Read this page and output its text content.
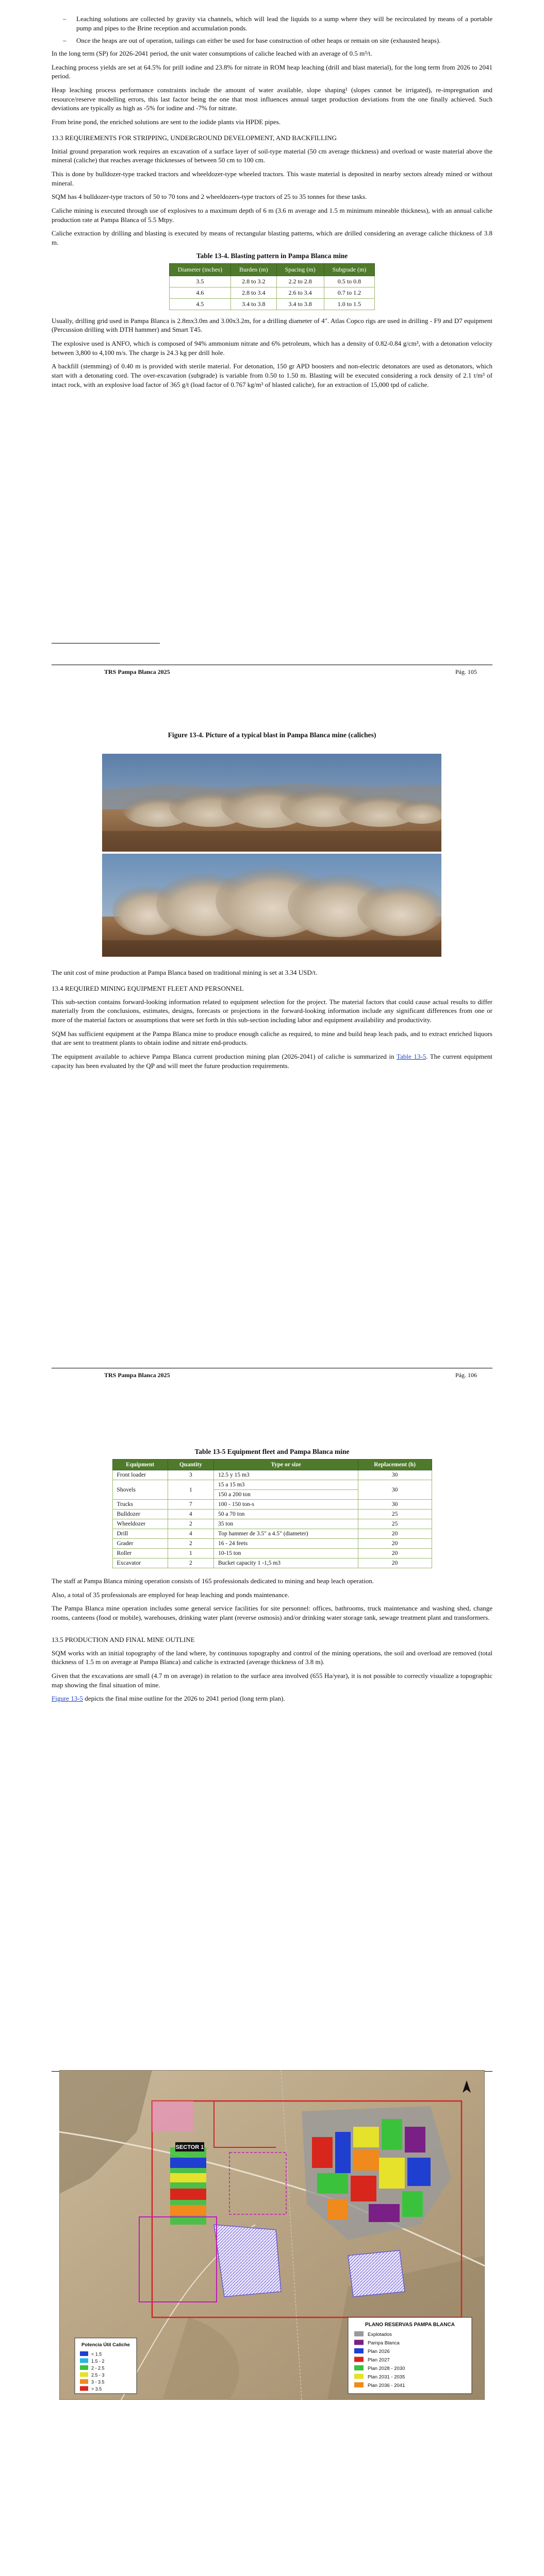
– Leaching solutions are collected by gravity via channels, which will lead the liquids to a sump where they will be recirculated by means of a portable pump and pipes to the Brine reception and accumulation ponds.
– Once the heaps are out of operation, tailings can either be used for base construction of other heaps or remain on site (exhausted heaps).

In the long term (SP) for 2026-2041 period, the unit water consumptions of caliche leached with an average of 0.5 m³/t.

Leaching process yields are set at 64.5% for prill iodine and 23.8% for nitrate in ROM heap leaching (drill and blast material), for the long term from 2026 to 2041 period.

Heap leaching process performance constraints include the amount of water available, slope shaping¹ (slopes cannot be irrigated), re-impregnation and resource/reserve modelling errors, this last factor being the one that most influences annual target production deviations from the one finally achieved. Such deviations are typically as high as -5% for iodine and -7% for nitrate.

From brine pond, the enriched solutions are sent to the iodide plants via HPDE pipes.

13.3 REQUIREMENTS FOR STRIPPING, UNDERGROUND DEVELOPMENT, AND BACKFILLING

Initial ground preparation work requires an excavation of a surface layer of soil-type material (50 cm average thickness) and overload or waste material above the mineral (caliche) that reaches average thicknesses of between 50 cm to 100 cm.

This is done by bulldozer-type tracked tractors and wheeldozer-type wheeled tractors. This waste material is deposited in nearby sectors already mined or without mineral.

SQM has 4 bulldozer-type tractors of 50 to 70 tons and 2 wheeldozers-type tractors of 25 to 35 tonnes for these tasks.

Caliche mining is executed through use of explosives to a maximum depth of 6 m (3.6 m average and 1.5 m minimum mineable thickness), with an annual caliche production rate at Pampa Blanca of 5.5 Mtpy.

Caliche extraction by drilling and blasting is executed by means of rectangular blasting patterns, which are drilled considering an average caliche thickness of 3.8 m.

Table 13-4. Blasting pattern in Pampa Blanca mine
Diameter (inches)	Burden (m)	Spacing (m)	Subgrade (m)
3.5	2.8 to 3.2	2.2 to 2.8	0.5 to 0.8
4.6	2.8 to 3.4	2.6 to 3.4	0.7 to 1.2
4.5	3.4 to 3.8	3.4 to 3.8	1.0 to 1.5

Usually, drilling grid used in Pampa Blanca is 2.8mx3.0m and 3.00x3.2m, for a drilling diameter of 4". Atlas Copco rigs are used in drilling - F9 and D7 equipment (Percussion drilling with DTH hammer) and Smart T45.

The explosive used is ANFO, which is composed of 94% ammonium nitrate and 6% petroleum, which has a density of 0.82-0.84 g/cm³, with a detonation velocity between 3,800 to 4,100 m/s. The charge is 24.3 kg per drill hole.

A backfill (stemming) of 0.40 m is provided with sterile material. For detonation, 150 gr APD boosters and non-electric detonators are used as detonators, which start with a detonating cord. The over-excavation (subgrade) is variable from 0.50 to 1.50 m. Blasting will be executed considering a rock density of 2.1 t/m³ of intact rock, with an explosive load factor of 365 g/t (load factor of 0.767 kg/m³ of blasted caliche), for an extraction of 15,000 tpd of caliche.

TRS Pampa Blanca 2025	Pág. 105
Figure 13-4. Picture of a typical blast in Pampa Blanca mine (caliches)

The unit cost of mine production at Pampa Blanca based on traditional mining is set at 3.34 USD/t.

13.4 REQUIRED MINING EQUIPMENT FLEET AND PERSONNEL

This sub-section contains forward-looking information related to equipment selection for the project. The material factors that could cause actual results to differ materially from the conclusions, estimates, designs, forecasts or projections in the forward-looking information include any significant differences from one or more of the material factors or assumptions that were set forth in this sub-section including labor and equipment availability and productivity.

SQM has sufficient equipment at the Pampa Blanca mine to produce enough caliche as required, to mine and build heap leach pads, and to extract enriched liquors that are sent to treatment plants to obtain iodine and nitrate end-products.

The equipment available to achieve Pampa Blanca current production mining plan (2026-2041) of caliche is summarized in Table 13-5. The current equipment capacity has been evaluated by the QP and will meet the future production requirements.

TRS Pampa Blanca 2025	Pág. 106
Table 13-5 Equipment fleet and Pampa Blanca mine
Equipment	Quantity	Type or size	Replacement (h)
Front loader	3	12.5 y 15 m3	30
Shovels	1	15 a 15 m3	30
		150 a 200 ton	
Trucks	7	100 - 150 ton-s	30
Bulldozer	4	50 a 70 ton	25
Wheeldozer	2	35 ton	25
Drill	4	Top hammer de 3.5" a 4.5" (diameter)	20
Grader	2	16 - 24 feets	20
Roller	1	10-15 ton	20
Excavator	2	Bucket capacity 1 -1,5 m3	20

The staff at Pampa Blanca mining operation consists of 165 professionals dedicated to mining and heap leach operation.

Also, a total of 35 professionals are employed for heap leaching and ponds maintenance.

The Pampa Blanca mine operation includes some general service facilities for site personnel: offices, bathrooms, truck maintenance and washing shed, change rooms, canteens (food or mobile), warehouses, drinking water plant (reverse osmosis) and/or drinking water storage tank, sewage treatment plant and transformers.

13.5 PRODUCTION AND FINAL MINE OUTLINE

SQM works with an initial topography of the land where, by continuous topography and control of the mining operations, the soil and overload are removed (total thickness of 1.5 m on average at Pampa Blanca) and caliche is extracted (average thickness of 3.8 m).

Given that the excavations are small (4.7 m on average) in relation to the surface area involved (655 Ha/year), it is not possible to correctly visualize a topographic map showing the final situation of mine.

Figure 13-5 depicts the final mine outline for the 2026 to 2041 period (long term plan).

SECTOR 1
Potencia Útil Caliche
< 1.5
1.5 - 2
2 - 2.5
2.5 - 3
3 - 3.5
> 3.5
PLANO RESERVAS PAMPA BLANCA
Explotados
Pampa Blanca
Plan 2026
Plan 2027
Plan 2028 - 2030
Plan 2031 - 2035
Plan 2036 - 2041
